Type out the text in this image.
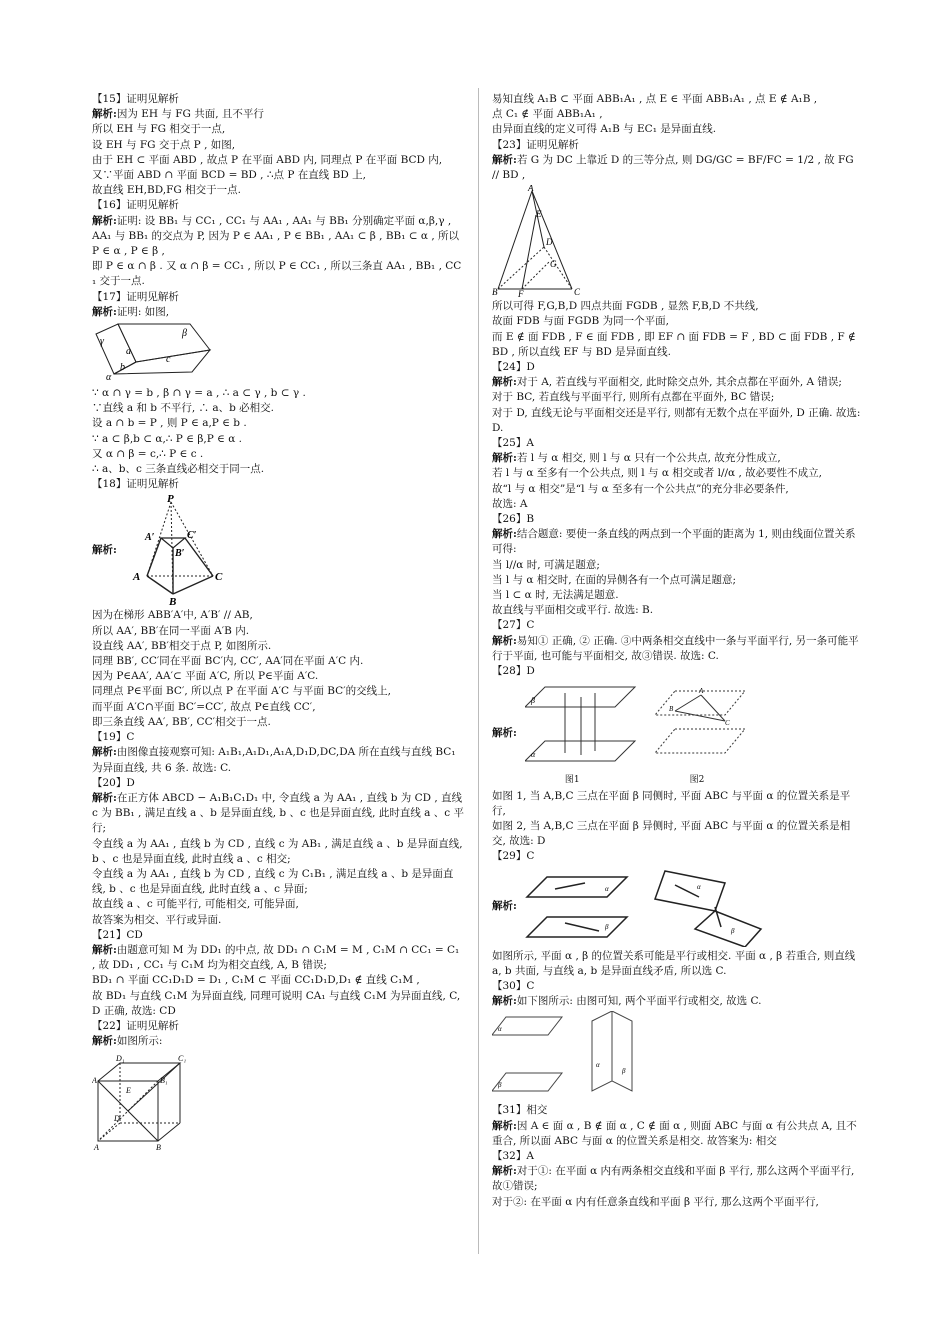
【15】证明见解析
解析:因为 EH 与 FG 共面, 且不平行
所以 EH 与 FG 相交于一点,
设 EH 与 FG 交于点 P , 如图,
由于 EH ⊂ 平面 ABD , 故点 P 在平面 ABD 内, 同理点 P 在平面 BCD 内,
又∵平面 ABD ∩ 平面 BCD = BD , ∴点 P 在直线 BD 上,
故直线 EH,BD,FG 相交于一点.
【16】证明见解析
解析:证明: 设 BB₁ 与 CC₁ , CC₁ 与 AA₁ , AA₁ 与 BB₁ 分别确定平面 α,β,γ ,
AA₁ 与 BB₁ 的交点为 P, 因为 P ∈ AA₁ , P ∈ BB₁ , AA₁ ⊂ β , BB₁ ⊂ α , 所以 P ∈ α , P ∈ β ,
即 P ∈ α ∩ β . 又 α ∩ β = CC₁ , 所以 P ∈ CC₁ , 所以三条直 AA₁ , BB₁ , CC₁ 交于一点.
【17】证明见解析
解析:证明: 如图,
γ
β
a
b
c
α
∵ α ∩ γ = b , β ∩ γ = a , ∴ a ⊂ γ , b ⊂ γ .
∵直线 a 和 b 不平行, ∴ a、b 必相交.
设 a ∩ b = P , 则 P ∈ a,P ∈ b .
∵ a ⊂ β,b ⊂ α,∴ P ∈ β,P ∈ α .
又 α ∩ β = c,∴ P ∈ c .
∴ a、b、c 三条直线必相交于同一点.
【18】证明见解析
解析:
P
A′	C′
B′
A	C
B
因为在梯形 ABB′A′中, A′B′ // AB,
所以 AA′, BB′在同一平面 A′B 内.
设直线 AA′, BB′相交于点 P, 如图所示.
同理 BB′, CC′同在平面 BC′内, CC′, AA′同在平面 A′C 内.
因为 P∈AA′, AA′⊂ 平面 A′C, 所以 P∈平面 A′C.
同理点 P∈平面 BC′, 所以点 P 在平面 A′C 与平面 BC′的交线上,
而平面 A′C∩平面 BC′=CC′, 故点 P∈直线 CC′,
即三条直线 AA′, BB′, CC′相交于一点.
【19】C
解析:由图像直接观察可知: A₁B₁,A₁D₁,A₁A,D₁D,DC,DA 所在直线与直线 BC₁ 为异面直线, 共 6 条. 故选: C.
【20】D
解析:在正方体 ABCD − A₁B₁C₁D₁ 中, 令直线 a 为 AA₁ , 直线 b 为 CD , 直线 c 为 BB₁ , 满足直线 a 、b 是异面直线, b 、c 也是异面直线, 此时直线 a 、c 平行;
令直线 a 为 AA₁ , 直线 b 为 CD , 直线 c 为 AB₁ , 满足直线 a 、b 是异面直线, b 、c 也是异面直线, 此时直线 a 、c 相交;
令直线 a 为 AA₁ , 直线 b 为 CD , 直线 c 为 C₁B₁ , 满足直线 a 、b 是异面直线, b 、c 也是异面直线, 此时直线 a 、c 异面;
故直线 a 、c 可能平行, 可能相交, 可能异面,
故答案为相交、平行或异面.
【21】CD
解析:由题意可知 M 为 DD₁ 的中点, 故 DD₁ ∩ C₁M = M , C₁M ∩ CC₁ = C₁ , 故 DD₁ , CC₁ 与 C₁M 均为相交直线, A, B 错误;
BD₁ ∩ 平面 CC₁D₁D = D₁ , C₁M ⊂ 平面 CC₁D₁D,D₁ ∉ 直线 C₁M ,
故 BD₁ 与直线 C₁M 为异面直线, 同理可说明 CA₁ 与直线 C₁M 为异面直线, C, D 正确, 故选: CD
【22】证明见解析
解析:如图所示:
D₁	C₁
A	B₁
E
D
A	B
易知直线 A₁B ⊂ 平面 ABB₁A₁ , 点 E ∈ 平面 ABB₁A₁ , 点 E ∉ A₁B ,
点 C₁ ∉ 平面 ABB₁A₁ ,
由异面直线的定义可得 A₁B 与 EC₁ 是异面直线.
【23】证明见解析
解析:若 G 为 DC 上靠近 D 的三等分点, 则 DG/GC = BF/FC = 1/2 , 故 FG // BD ,
A
E
D
G
B F	C
所以可得 F,G,B,D 四点共面 FGDB , 显然 F,B,D 不共线,
故面 FDB 与面 FGDB 为同一个平面,
而 E ∉ 面 FDB , F ∈ 面 FDB , 即 EF ∩ 面 FDB = F , BD ⊂ 面 FDB , F ∉ BD , 所以直线 EF 与 BD 是异面直线.
【24】D
解析:对于 A, 若直线与平面相交, 此时除交点外, 其余点都在平面外, A 错误;
对于 BC, 若直线与平面平行, 则所有点都在平面外, BC 错误;
对于 D, 直线无论与平面相交还是平行, 则都有无数个点在平面外, D 正确. 故选: D.
【25】A
解析:若 l 与 α 相交, 则 l 与 α 只有一个公共点, 故充分性成立,
若 l 与 α 至多有一个公共点, 则 l 与 α 相交或者 l//α , 故必要性不成立,
故“l 与 α 相交”是“l 与 α 至多有一个公共点”的充分非必要条件,
故选: A
【26】B
解析:结合题意: 要使一条直线的两点到一个平面的距离为 1, 则由线面位置关系可得:
当 l//α 时, 可满足题意;
当 l 与 α 相交时, 在面的异侧各有一个点可满足题意;
当 l ⊂ α 时, 无法满足题意.
故直线与平面相交或平行. 故选: B.
【27】C
解析:易知① 正确, ② 正确. ③中两条相交直线中一条与平面平行, 另一条可能平行于平面, 也可能与平面相交, 故③错误. 故选: C.
【28】D
解析:
β
α
A
B
C
图1	图2
如图 1, 当 A,B,C 三点在平面 β 同侧时, 平面 ABC 与平面 α 的位置关系是平行,
如图 2, 当 A,B,C 三点在平面 β 异侧时, 平面 ABC 与平面 α 的位置关系是相交, 故选: D
【29】C
解析:
α
β
α
β
如图所示, 平面 α , β 的位置关系可能是平行或相交. 平面 α , β 若重合, 则直线 a, b 共面, 与直线 a, b 是异面直线矛盾, 所以选 C.
【30】C
解析:如下图所示: 由图可知, 两个平面平行或相交, 故选 C.
α
β
α
β
【31】相交
解析:因 A ∈ 面 α , B ∉ 面 α , C ∉ 面 α , 则面 ABC 与面 α 有公共点 A, 且不重合, 所以面 ABC 与面 α 的位置关系是相交. 故答案为: 相交
【32】A
解析:对于①: 在平面 α 内有两条相交直线和平面 β 平行, 那么这两个平面平行, 故①错误;
对于②: 在平面 α 内有任意条直线和平面 β 平行, 那么这两个平面平行,
